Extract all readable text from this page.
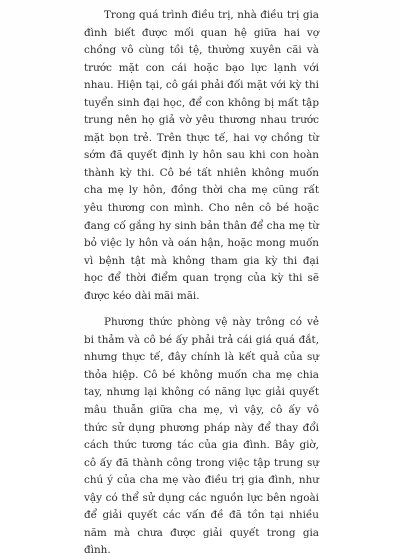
Trong quá trình điều trị, nhà điều trị gia đình biết được mối quan hệ giữa hai vợ chồng vô cùng tồi tệ, thường xuyên cãi và trước mặt con cái hoặc bạo lực lạnh với nhau. Hiện tại, cô gái phải đối mặt với kỳ thi tuyển sinh đại học, để con không bị mất tập trung nên họ giả vờ yêu thương nhau trước mặt bọn trẻ. Trên thực tế, hai vợ chồng từ sớm đã quyết định ly hôn sau khi con hoàn thành kỳ thi. Cô bé tất nhiên không muốn cha mẹ ly hôn, đồng thời cha mẹ cũng rất yêu thương con mình. Cho nên cô bé hoặc đang cố gắng hy sinh bản thân để cha mẹ từ bỏ việc ly hôn và oán hận, hoặc mong muốn vì bệnh tật mà không tham gia kỳ thi đại học để thời điểm quan trọng của kỳ thi sẽ được kéo dài mãi mãi.

Phương thức phòng vệ này trông có vẻ bi thảm và cô bé ấy phải trả cái giá quá đắt, nhưng thực tế, đây chính là kết quả của sự thỏa hiệp. Cô bé không muốn cha mẹ chia tay, nhưng lại không có năng lực giải quyết mâu thuẫn giữa cha mẹ, vì vậy, cô ấy vô thức sử dụng phương pháp này để thay đổi cách thức tương tác của gia đình. Bây giờ, cô ấy đã thành công trong việc tập trung sự chú ý của cha mẹ vào điều trị gia đình, như vậy có thể sử dụng các nguồn lực bên ngoài để giải quyết các vấn đề đã tồn tại nhiều năm mà chưa được giải quyết trong gia đình.
